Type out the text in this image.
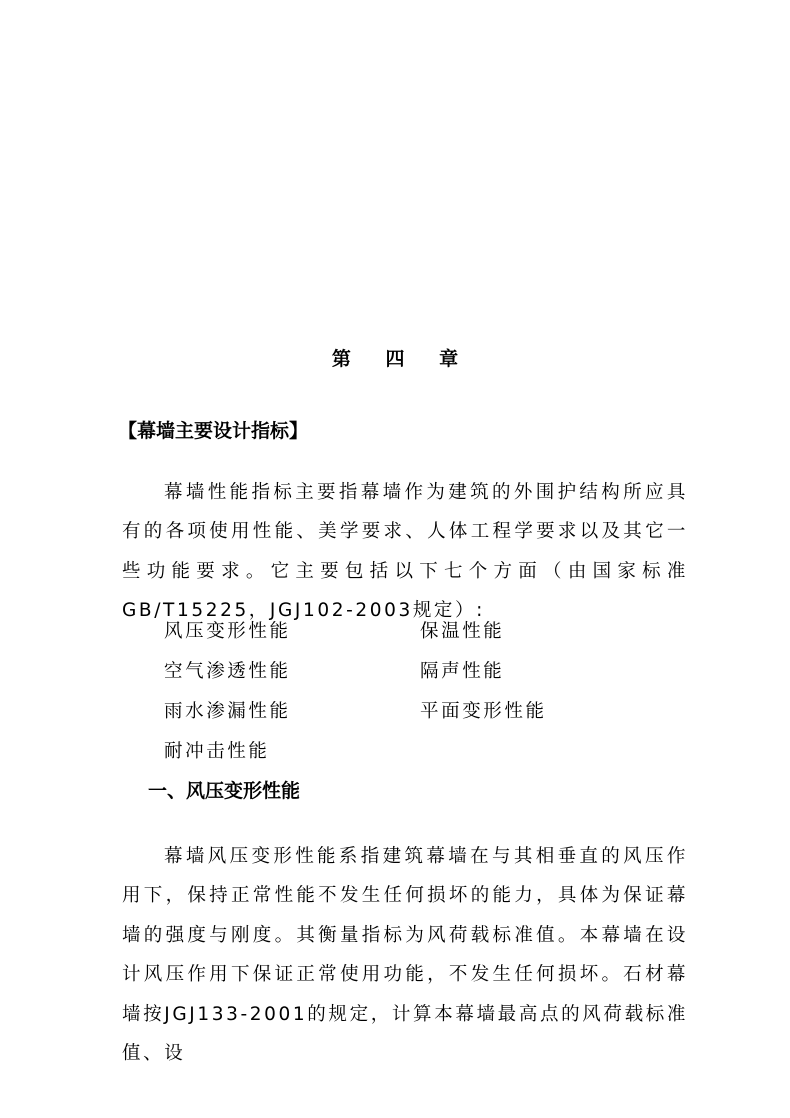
第 四 章
【幕墙主要设计指标】

幕墙性能指标主要指幕墙作为建筑的外围护结构所应具有的各项使用性能、美学要求、人体工程学要求以及其它一些功能要求。它主要包括以下七个方面（由国家标准GB/T15225，JGJ102-2003规定）:

风压变形性能	保温性能
空气渗透性能	隔声性能
雨水渗漏性能	平面变形性能
耐冲击性能
一、风压变形性能

幕墙风压变形性能系指建筑幕墙在与其相垂直的风压作用下，保持正常性能不发生任何损坏的能力，具体为保证幕墙的强度与刚度。其衡量指标为风荷载标准值。本幕墙在设计风压作用下保证正常使用功能，不发生任何损坏。石材幕墙按JGJ133-2001的规定，计算本幕墙最高点的风荷载标准值、设
